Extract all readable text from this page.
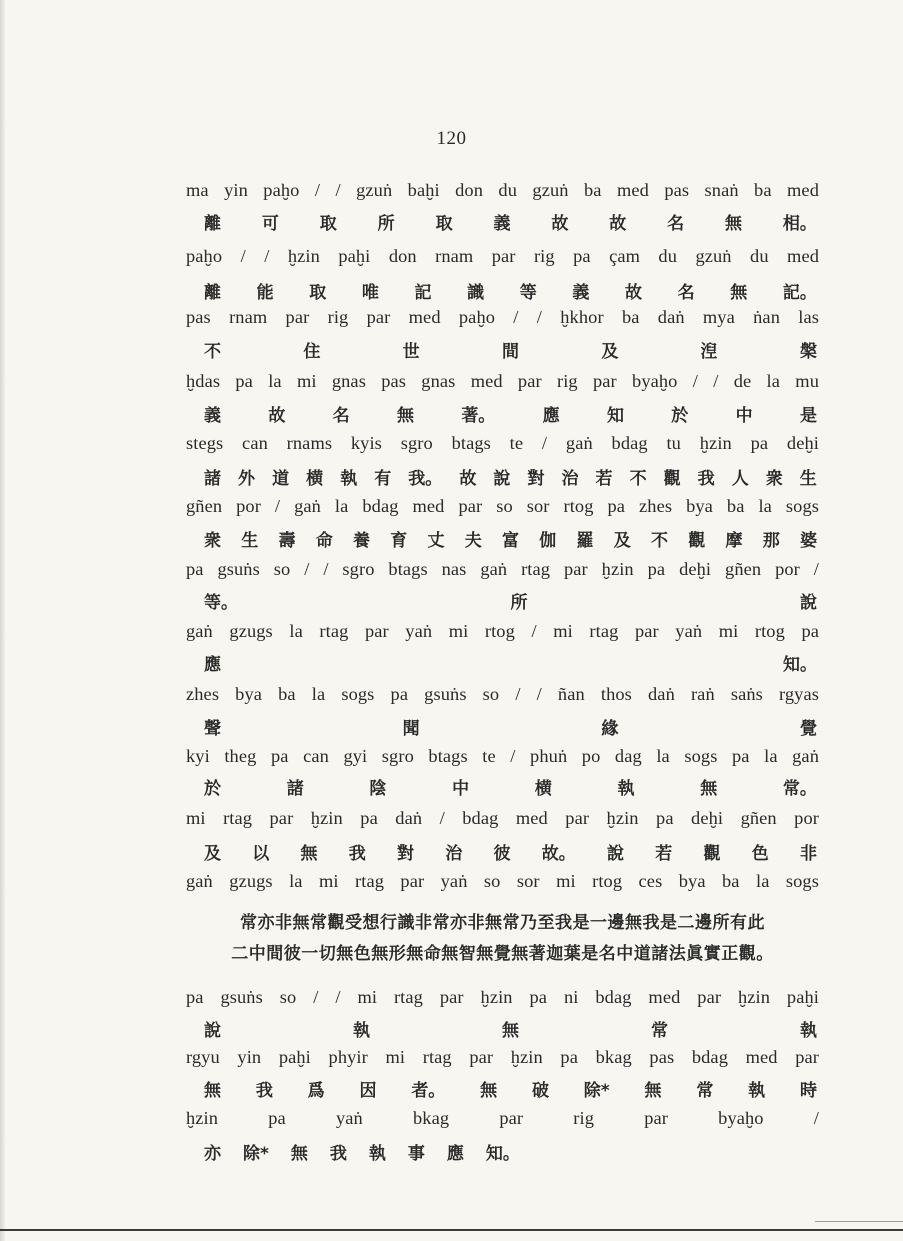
120
ma yin paḫo / / gzuṅ baḫi don du gzuṅ ba med pas snaṅ ba med
離 可 取 所 取 義 故 故 名 無 相。
paḫo / / ḫzin paḫi don rnam par rig pa çam du gzuṅ du med
離 能 取 唯 記 識 等 義 故 名 無 記。
pas rnam par rig par med paḫo / / ḫkhor ba daṅ mya ṅan las
不	住	世	間	及	湼	槃
ḫdas pa la mi gnas pas gnas med par rig par byaḫo / / de la mu
義	故	名	無	著。	應	知	於	中	是
stegs can rnams kyis sgro btags te / gaṅ bdag tu ḫzin pa deḫi
諸 外 道 横 執 有 我。 故 說 對 治 若 不 觀 我 人 衆 生
gñen por / gaṅ la bdag med par so sor rtog pa zhes bya ba la sogs
衆 生 壽 命 養 育 丈 夫 富 伽 羅 及 不 觀 摩 那 婆
pa gsuṅs so / / sgro btags nas gaṅ rtag par ḫzin pa deḫi gñen por /
等。	所	說
gaṅ gzugs la rtag par yaṅ mi rtog / mi rtag par yaṅ mi rtog pa
應	知。
zhes bya ba la sogs pa gsuṅs so / / ñan thos daṅ raṅ saṅs rgyas
聲	聞	緣	覺
kyi theg pa can gyi sgro btags te / phuṅ po dag la sogs pa la gaṅ
於	諸	陰	中	横	執	無	常。
mi rtag par ḫzin pa daṅ / bdag med par ḫzin pa deḫi gñen por
及 以 無 我 對 治 彼 故。 說 若 觀 色 非
gaṅ gzugs la mi rtag par yaṅ so sor mi rtog ces bya ba la sogs
常亦非無常觀受想行識非常亦非無常乃至我是一邊無我是二邊所有此
二中間彼一切無色無形無命無智無覺無著迦葉是名中道諸法眞實正觀。
pa gsuṅs so / / mi rtag par ḫzin pa ni bdag med par ḫzin paḫi
說	執	無	常	執
rgyu yin paḫi phyir mi rtag par ḫzin pa bkag pas bdag med par
無 我 爲 因 者。 無 破 除* 無 常 執 時
ḫzin pa yaṅ bkag par rig par byaḫo /
亦 除* 無 我 執 事 應 知。
